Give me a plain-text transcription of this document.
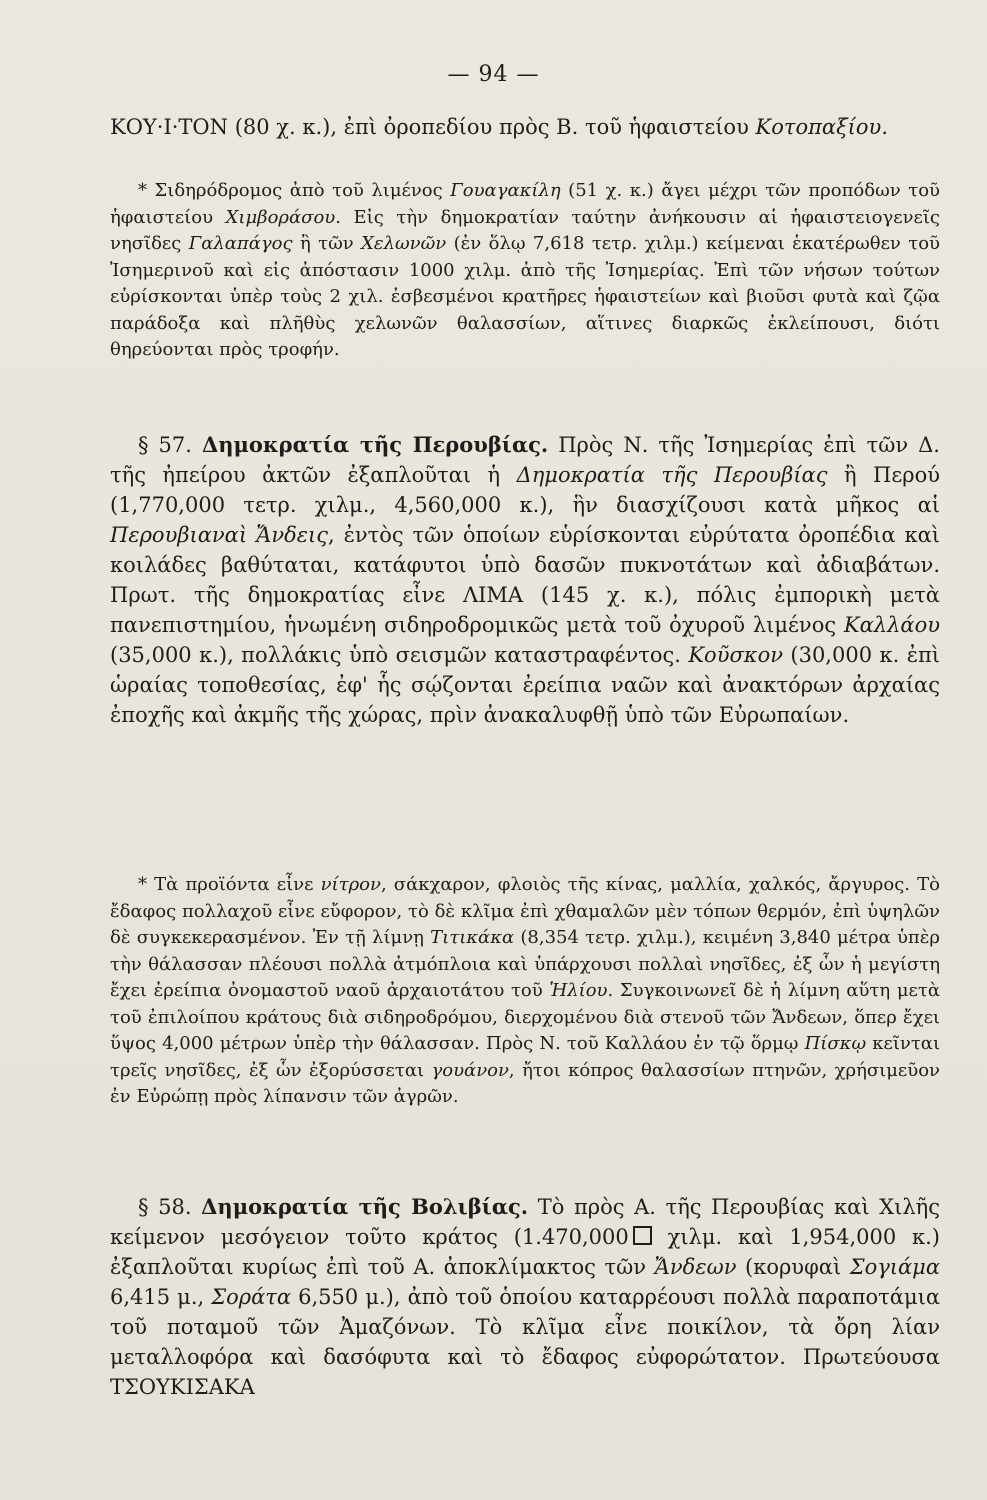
— 94 —

ΚΟΥ·Ι·ΤΟΝ (80 χ. κ.), ἐπὶ ὀροπεδίου πρὸς Β. τοῦ ἡφαιστείου Κοτοπαξίου.

* Σιδηρόδρομος ἀπὸ τοῦ λιμένος Γουαγακίλη (51 χ. κ.) ἄγει μέχρι τῶν προπόδων τοῦ ἡφαιστείου Χιμβοράσου. Εἰς τὴν δημοκρατίαν ταύτην ἀνήκουσιν αἱ ἡφαιστειογενεῖς νησῖδες Γαλαπάγος ἢ τῶν Χελωνῶν (ἐν ὅλῳ 7,618 τετρ. χιλμ.) κείμεναι ἑκατέρωθεν τοῦ Ἰσημερινοῦ καὶ εἰς ἀπόστασιν 1000 χιλμ. ἀπὸ τῆς Ἰσημερίας. Ἐπὶ τῶν νήσων τούτων εὑρίσκονται ὑπὲρ τοὺς 2 χιλ. ἐσβεσμένοι κρατῆρες ἡφαιστείων καὶ βιοῦσι φυτὰ καὶ ζῷα παράδοξα καὶ πλῆθὺς χελωνῶν θαλασσίων, αἵτινες διαρκῶς ἐκλείπουσι, διότι θηρεύονται πρὸς τροφήν.

§ 57. Δημοκρατία τῆς Περουβίας. Πρὸς Ν. τῆς Ἰσημερίας ἐπὶ τῶν Δ. τῆς ἠπείρου ἀκτῶν ἐξαπλοῦται ἡ Δημοκρατία τῆς Περουβίας ἢ Περού (1,770,000 τετρ. χιλμ., 4,560,000 κ.), ἣν διασχίζουσι κατὰ μῆκος αἱ Περουβιαναὶ Ἄνδεις, ἐντὸς τῶν ὁποίων εὑρίσκονται εὐρύτατα ὀροπέδια καὶ κοιλάδες βαθύταται, κατάφυτοι ὑπὸ δασῶν πυκνοτάτων καὶ ἀδιαβάτων. Πρωτ. τῆς δημοκρατίας εἶνε ΛΙΜΑ (145 χ. κ.), πόλις ἐμπορικὴ μετὰ πανεπιστημίου, ἡνωμένη σιδηροδρομικῶς μετὰ τοῦ ὀχυροῦ λιμένος Καλλάου (35,000 κ.), πολλάκις ὑπὸ σεισμῶν καταστραφέντος. Κοῦσκον (30,000 κ. ἐπὶ ὡραίας τοποθεσίας, ἐφ' ἧς σῴζονται ἐρείπια ναῶν καὶ ἀνακτόρων ἀρχαίας ἐποχῆς καὶ ἀκμῆς τῆς χώρας, πρὶν ἀνακαλυφθῇ ὑπὸ τῶν Εὐρωπαίων.

* Τὰ προϊόντα εἶνε νίτρον, σάκχαρον, φλοιὸς τῆς κίνας, μαλλία, χαλκός, ἄργυρος. Τὸ ἔδαφος πολλαχοῦ εἶνε εὔφορον, τὸ δὲ κλῖμα ἐπὶ χθαμαλῶν μὲν τόπων θερμόν, ἐπὶ ὑψηλῶν δὲ συγκεκερασμένον. Ἐν τῇ λίμνῃ Τιτικάκα (8,354 τετρ. χιλμ.), κειμένη 3,840 μέτρα ὑπὲρ τὴν θάλασσαν πλέουσι πολλὰ ἀτμόπλοια καὶ ὑπάρχουσι πολλαὶ νησῖδες, ἐξ ὧν ἡ μεγίστη ἔχει ἐρείπια ὀνομαστοῦ ναοῦ ἀρχαιοτάτου τοῦ Ἡλίου. Συγκοινωνεῖ δὲ ἡ λίμνη αὕτη μετὰ τοῦ ἐπιλοίπου κράτους διὰ σιδηροδρόμου, διερχομένου διὰ στενοῦ τῶν Ἄνδεων, ὅπερ ἔχει ὕψος 4,000 μέτρων ὑπὲρ τὴν θάλασσαν. Πρὸς Ν. τοῦ Καλλάου ἐν τῷ ὅρμῳ Πίσκῳ κεῖνται τρεῖς νησῖδες, ἐξ ὧν ἐξορύσσεται γουάνον, ἤτοι κόπρος θαλασσίων πτηνῶν, χρήσιμεῦον ἐν Εὐρώπῃ πρὸς λίπανσιν τῶν ἀγρῶν.

§ 58. Δημοκρατία τῆς Βολιβίας. Τὸ πρὸς Α. τῆς Περουβίας καὶ Χιλῆς κείμενον μεσόγειον τοῦτο κράτος (1.470,000 χιλμ. καὶ 1,954,000 κ.) ἐξαπλοῦται κυρίως ἐπὶ τοῦ Α. ἀποκλίμακτος τῶν Ἄνδεων (κορυφαὶ Σογιάμα 6,415 μ., Σοράτα 6,550 μ.), ἀπὸ τοῦ ὁποίου καταρρέουσι πολλὰ παραποτάμια τοῦ ποταμοῦ τῶν Ἀμαζόνων. Τὸ κλῖμα εἶνε ποικίλον, τὰ ὄρη λίαν μεταλλοφόρα καὶ δασόφυτα καὶ τὸ ἔδαφος εὐφορώτατον. Πρωτεύουσα ΤΣΟΥΚΙΣΑΚΑ
